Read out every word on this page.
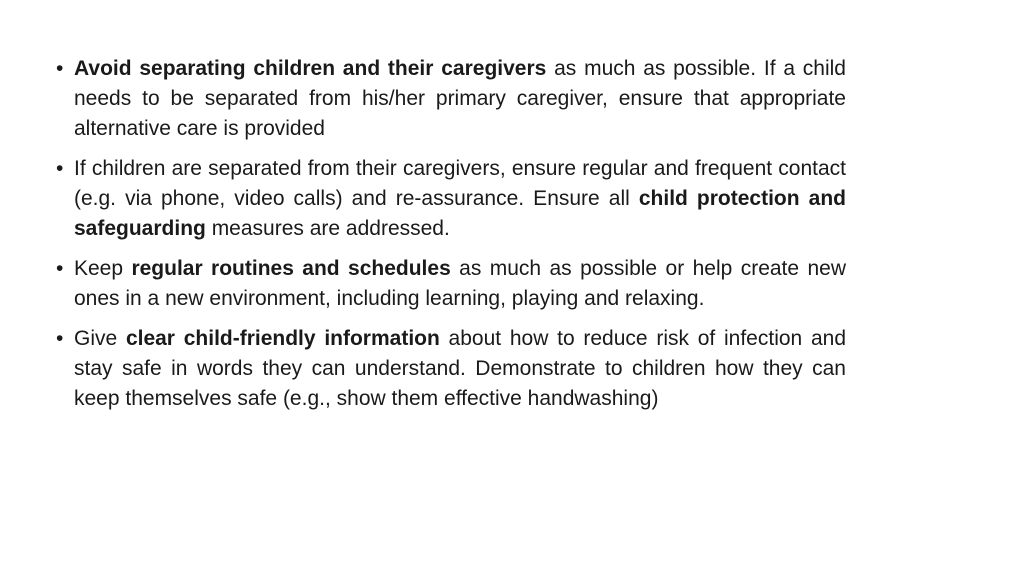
• Avoid separating children and their caregivers as much as possible. If a child needs to be separated from his/her primary caregiver, ensure that appropriate alternative care is provided
• If children are separated from their caregivers, ensure regular and frequent contact (e.g. via phone, video calls) and re-assurance. Ensure all child protection and safeguarding measures are addressed.
• Keep regular routines and schedules as much as possible or help create new ones in a new environment, including learning, playing and relaxing.
• Give clear child-friendly information about how to reduce risk of infection and stay safe in words they can understand. Demonstrate to children how they can keep themselves safe (e.g., show them effective handwashing)
